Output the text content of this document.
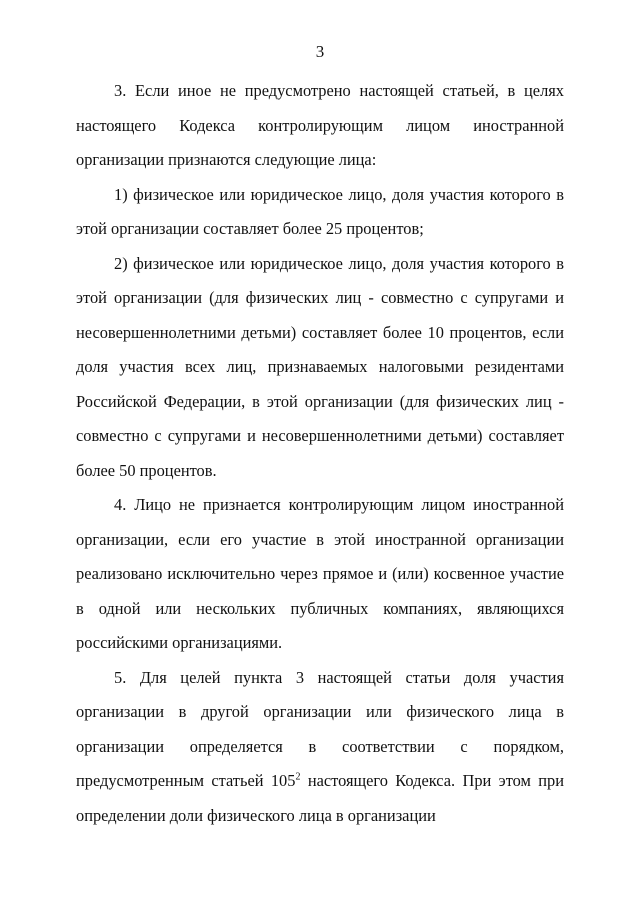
3

3. Если иное не предусмотрено настоящей статьей, в целях настоящего Кодекса контролирующим лицом иностранной организации признаются следующие лица:

1) физическое или юридическое лицо, доля участия которого в этой организации составляет более 25 процентов;

2) физическое или юридическое лицо, доля участия которого в этой организации (для физических лиц - совместно с супругами и несовершеннолетними детьми) составляет более 10 процентов, если доля участия всех лиц, признаваемых налоговыми резидентами Российской Федерации, в этой организации (для физических лиц - совместно с супругами и несовершеннолетними детьми) составляет более 50 процентов.

4. Лицо не признается контролирующим лицом иностранной организации, если его участие в этой иностранной организации реализовано исключительно через прямое и (или) косвенное участие в одной или нескольких публичных компаниях, являющихся российскими организациями.

5. Для целей пункта 3 настоящей статьи доля участия организации в другой организации или физического лица в организации определяется в соответствии с порядком, предусмотренным статьей $105^2$ настоящего Кодекса. При этом при определении доли физического лица в организации
